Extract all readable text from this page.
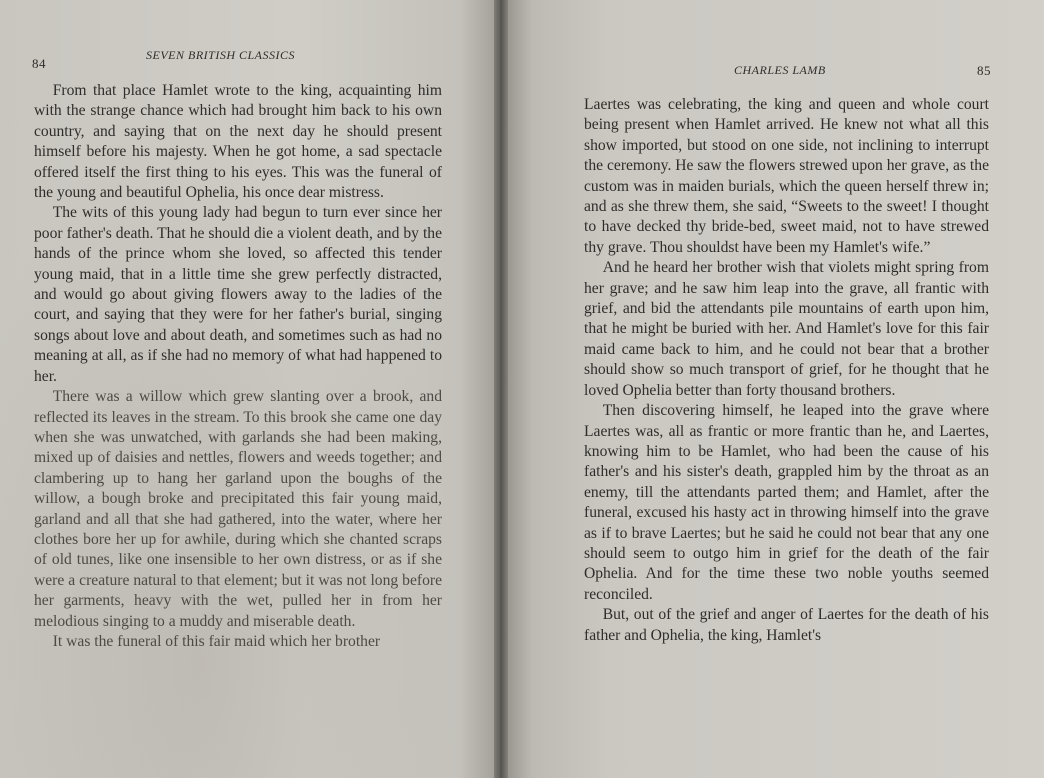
84
SEVEN BRITISH CLASSICS

From that place Hamlet wrote to the king, acquainting him with the strange chance which had brought him back to his own country, and saying that on the next day he should present himself before his majesty. When he got home, a sad spectacle offered itself the first thing to his eyes. This was the funeral of the young and beautiful Ophelia, his once dear mistress.

The wits of this young lady had begun to turn ever since her poor father's death. That he should die a violent death, and by the hands of the prince whom she loved, so affected this tender young maid, that in a little time she grew perfectly distracted, and would go about giving flowers away to the ladies of the court, and saying that they were for her father's burial, singing songs about love and about death, and sometimes such as had no meaning at all, as if she had no memory of what had happened to her.

There was a willow which grew slanting over a brook, and reflected its leaves in the stream. To this brook she came one day when she was unwatched, with garlands she had been making, mixed up of daisies and nettles, flowers and weeds together; and clambering up to hang her garland upon the boughs of the willow, a bough broke and precipitated this fair young maid, garland and all that she had gathered, into the water, where her clothes bore her up for awhile, during which she chanted scraps of old tunes, like one insensible to her own distress, or as if she were a creature natural to that element; but it was not long before her garments, heavy with the wet, pulled her in from her melodious singing to a muddy and miserable death.

It was the funeral of this fair maid which her brother

CHARLES LAMB	85

Laertes was celebrating, the king and queen and whole court being present when Hamlet arrived. He knew not what all this show imported, but stood on one side, not inclining to interrupt the ceremony. He saw the flowers strewed upon her grave, as the custom was in maiden burials, which the queen herself threw in; and as she threw them, she said, “Sweets to the sweet! I thought to have decked thy bride-bed, sweet maid, not to have strewed thy grave. Thou shouldst have been my Hamlet's wife.”

And he heard her brother wish that violets might spring from her grave; and he saw him leap into the grave, all frantic with grief, and bid the attendants pile mountains of earth upon him, that he might be buried with her. And Hamlet's love for this fair maid came back to him, and he could not bear that a brother should show so much transport of grief, for he thought that he loved Ophelia better than forty thousand brothers.

Then discovering himself, he leaped into the grave where Laertes was, all as frantic or more frantic than he, and Laertes, knowing him to be Hamlet, who had been the cause of his father's and his sister's death, grappled him by the throat as an enemy, till the attendants parted them; and Hamlet, after the funeral, excused his hasty act in throwing himself into the grave as if to brave Laertes; but he said he could not bear that any one should seem to outgo him in grief for the death of the fair Ophelia. And for the time these two noble youths seemed reconciled.

But, out of the grief and anger of Laertes for the death of his father and Ophelia, the king, Hamlet's
